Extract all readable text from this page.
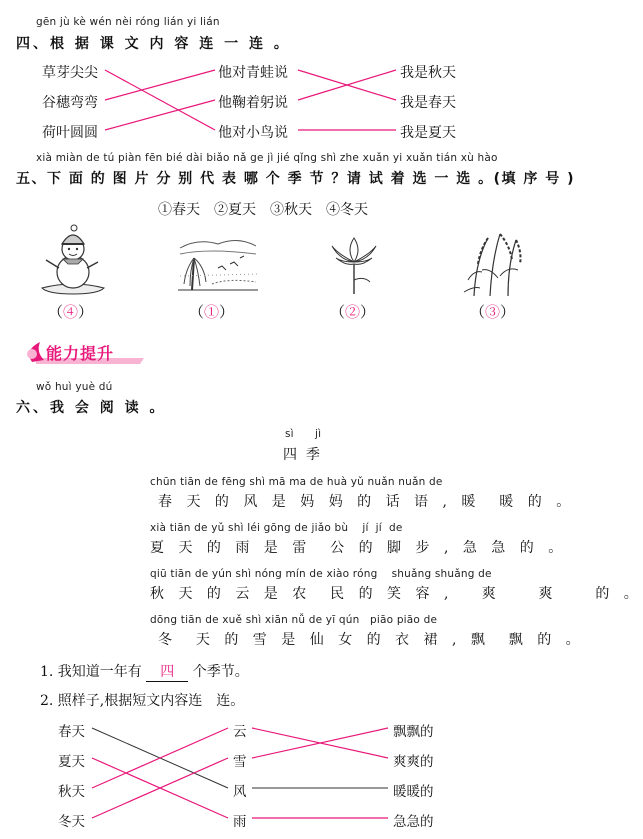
gēn jù kè wén nèi róng lián yi lián
四、根 据 课 文 内 容 连 一 连 。
草芽尖尖
谷穗弯弯
荷叶圆圆
他对青蛙说
他鞠着躬说
他对小鸟说
我是秋天
我是春天
我是夏天
xià miàn de tú piàn fēn bié dài biǎo nǎ ge jì jié qǐng shì zhe xuǎn yi xuǎn tián xù hào
五、下 面 的 图 片 分 别 代 表 哪 个 季 节 ？请 试 着 选 一 选 。(填 序 号 )
①春天　②夏天　③秋天　④冬天
（④）	（①）	（②）	（③）
能力提升
wǒ huì yuè dú
六、我 会 阅 读 。
sì      jì
四  季
chūn tiān de fēng shì mā ma de huà yǔ nuǎn nuǎn de
春 天 的 风 是 妈 妈 的 话 语 , 暖  暖 的 。
xià tiān de yǔ shì léi gōng de jiǎo bù    jí  jí  de
夏 天 的 雨 是 雷  公 的 脚 步 , 急 急 的 。
qiū tiān de yún shì nóng mín de xiào róng    shuǎng shuǎng de
秋 天 的 云 是 农  民 的 笑 容 ,   爽    爽    的 。
dōng tiān de xuě shì xiān nǚ de yī qún   piāo piāo de
冬  天 的 雪 是 仙 女 的 衣 裙 , 飘  飘 的 。
1. 我知道一年有 四 个季节。
2. 照样子,根据短文内容连　连。
春天
夏天
秋天
冬天
云
雪
风
雨
飘飘的
爽爽的
暖暖的
急急的
